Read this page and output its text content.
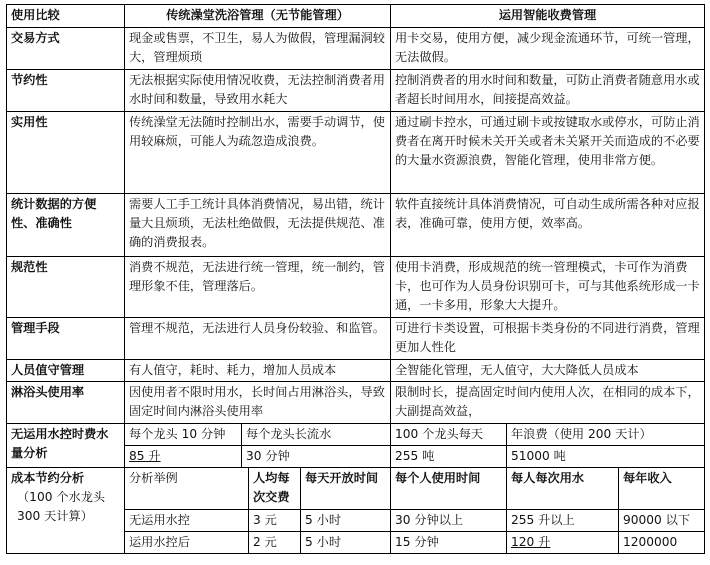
使用比较	传统澡堂洗浴管理（无节能管理）				运用智能收费管理		
交易方式	现金或售票，不卫生，易人为做假，管理漏洞较大，管理烦琐				用卡交易，使用方便，减少现金流通环节，可统一管理，无法做假。		
节约性	无法根据实际使用情况收费，无法控制消费者用水时间和数量，导致用水耗大				控制消费者的用水时间和数量，可防止消费者随意用水或者超长时间用水，间接提高效益。		
实用性	传统澡堂无法随时控制出水，需要手动调节，使用较麻烦，可能人为疏忽造成浪费。				通过刷卡控水，可通过刷卡或按键取水或停水，可防止消费者在离开时候未关开关或者未关紧开关而造成的不必要的大量水资源浪费，智能化管理，使用非常方便。		
统计数据的方便性、准确性	需要人工手工统计具体消费情况，易出错，统计量大且烦琐，无法杜绝做假，无法提供规范、准确的消费报表。				软件直接统计具体消费情况，可自动生成所需各种对应报表，准确可靠，使用方便，效率高。		
规范性	消费不规范，无法进行统一管理，统一制约，管理形象不佳，管理落后。				使用卡消费，形成规范的统一管理模式，卡可作为消费卡，也可作为人员身份识别可卡，可与其他系统形成一卡通，一卡多用，形象大大提升。		
管理手段	管理不规范，无法进行人员身份较验、和监管。				可进行卡类设置，可根据卡类身份的不同进行消费，管理更加人性化		
人员值守管理	有人值守，耗时、耗力，增加人员成本				全智能化管理，无人值守，大大降低人员成本		
淋浴头使用率	因使用者不限时用水，长时间占用淋浴头，导致固定时间内淋浴头使用率				限制时长，提高固定时间内使用人次，在相同的成本下，大副提高效益，		
无运用水控时费水量分析	每个龙头 10 分钟	每个龙头长流水			100 个龙头每天	年浪费（使用 200 天计）	
	85 升	30 分钟			255 吨	51000 吨	

成本节约分析
（100 个水龙头300 天计算）	分析举例		人均每次交费	每天开放时间	每个人使用时间	每人每次用水	每年收入
	无运用水控		3 元	5 小时	30 分钟以上	255 升以上	90000 以下
	运用水控后		2 元	5 小时	15 分钟	120 升	1200000
